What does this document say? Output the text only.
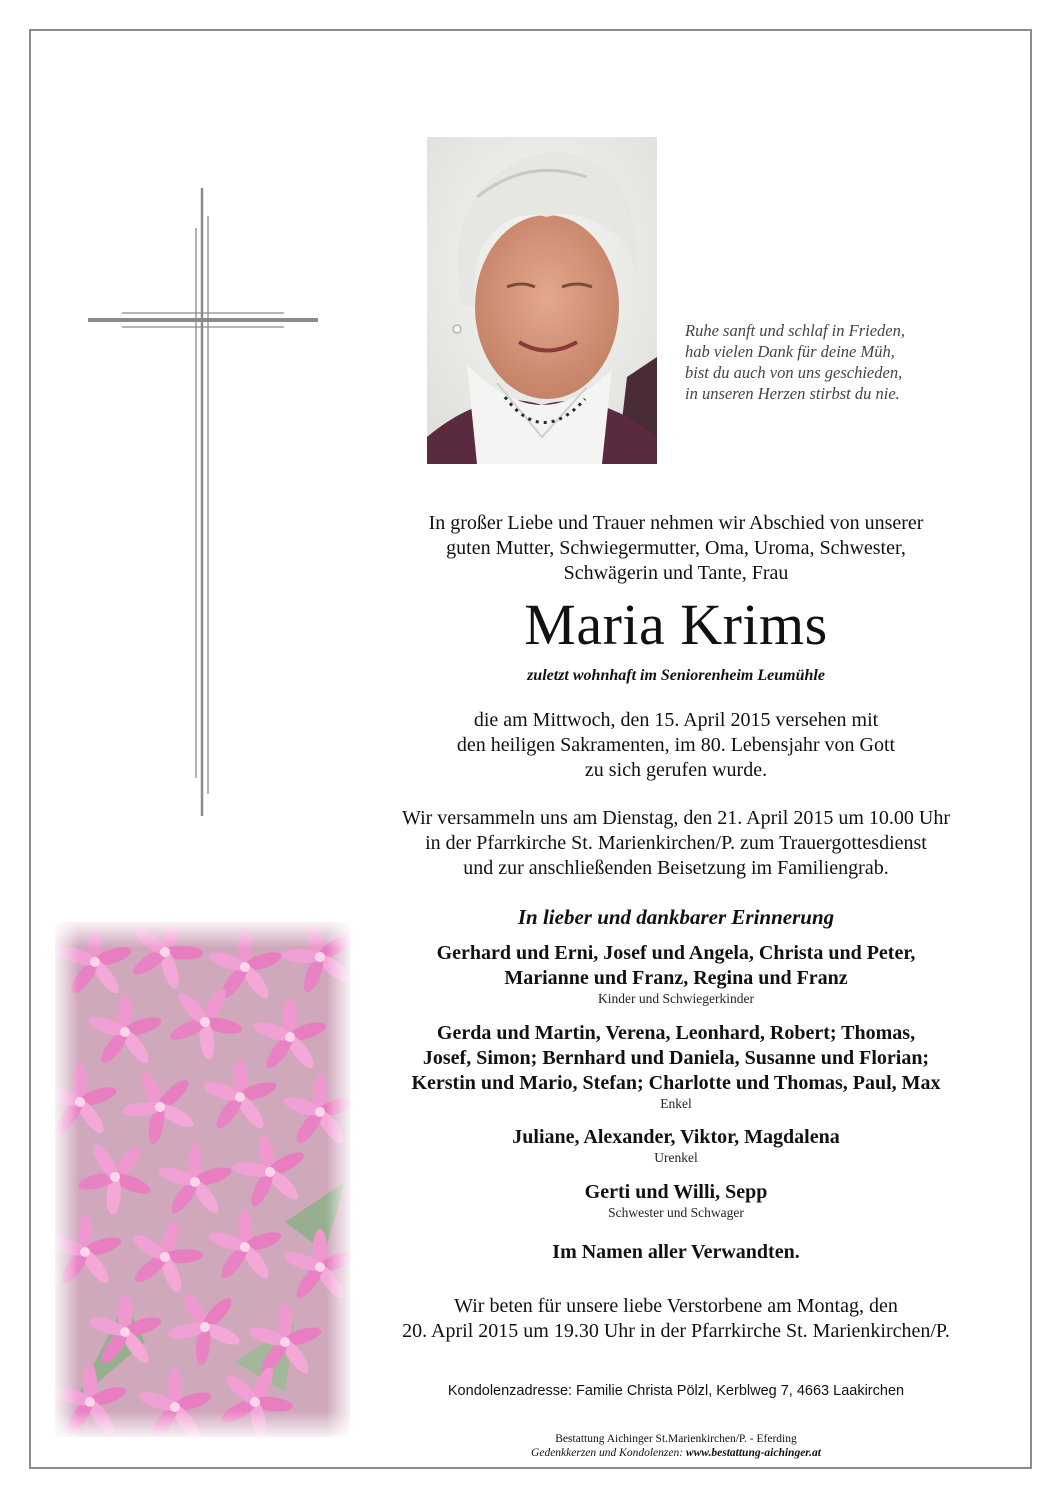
Ruhe sanft und schlaf in Frieden,
hab vielen Dank für deine Müh,
bist du auch von uns geschieden,
in unseren Herzen stirbst du nie.
In großer Liebe und Trauer nehmen wir Abschied von unserer
guten Mutter, Schwiegermutter, Oma, Uroma, Schwester,
Schwägerin und Tante, Frau
Maria Krims
zuletzt wohnhaft im Seniorenheim Leumühle
die am Mittwoch, den 15. April 2015 versehen mit
den heiligen Sakramenten, im 80. Lebensjahr von Gott
zu sich gerufen wurde.
Wir versammeln uns am Dienstag, den 21. April 2015 um 10.00 Uhr
in der Pfarrkirche St. Marienkirchen/P. zum Trauergottesdienst
und zur anschließenden Beisetzung im Familiengrab.
In lieber und dankbarer Erinnerung
Gerhard und Erni, Josef und Angela, Christa und Peter,
Marianne und Franz, Regina und Franz
Kinder und Schwiegerkinder
Gerda und Martin, Verena, Leonhard, Robert; Thomas,
Josef, Simon; Bernhard und Daniela, Susanne und Florian;
Kerstin und Mario, Stefan; Charlotte und Thomas, Paul, Max
Enkel
Juliane, Alexander, Viktor, Magdalena
Urenkel
Gerti und Willi, Sepp
Schwester und Schwager
Im Namen aller Verwandten.
Wir beten für unsere liebe Verstorbene am Montag, den
20. April 2015 um 19.30 Uhr in der Pfarrkirche St. Marienkirchen/P.
Kondolenzadresse: Familie Christa Pölzl, Kerblweg 7, 4663 Laakirchen
Bestattung Aichinger St.Marienkirchen/P. - Eferding
Gedenkkerzen und Kondolenzen: www.bestattung-aichinger.at
